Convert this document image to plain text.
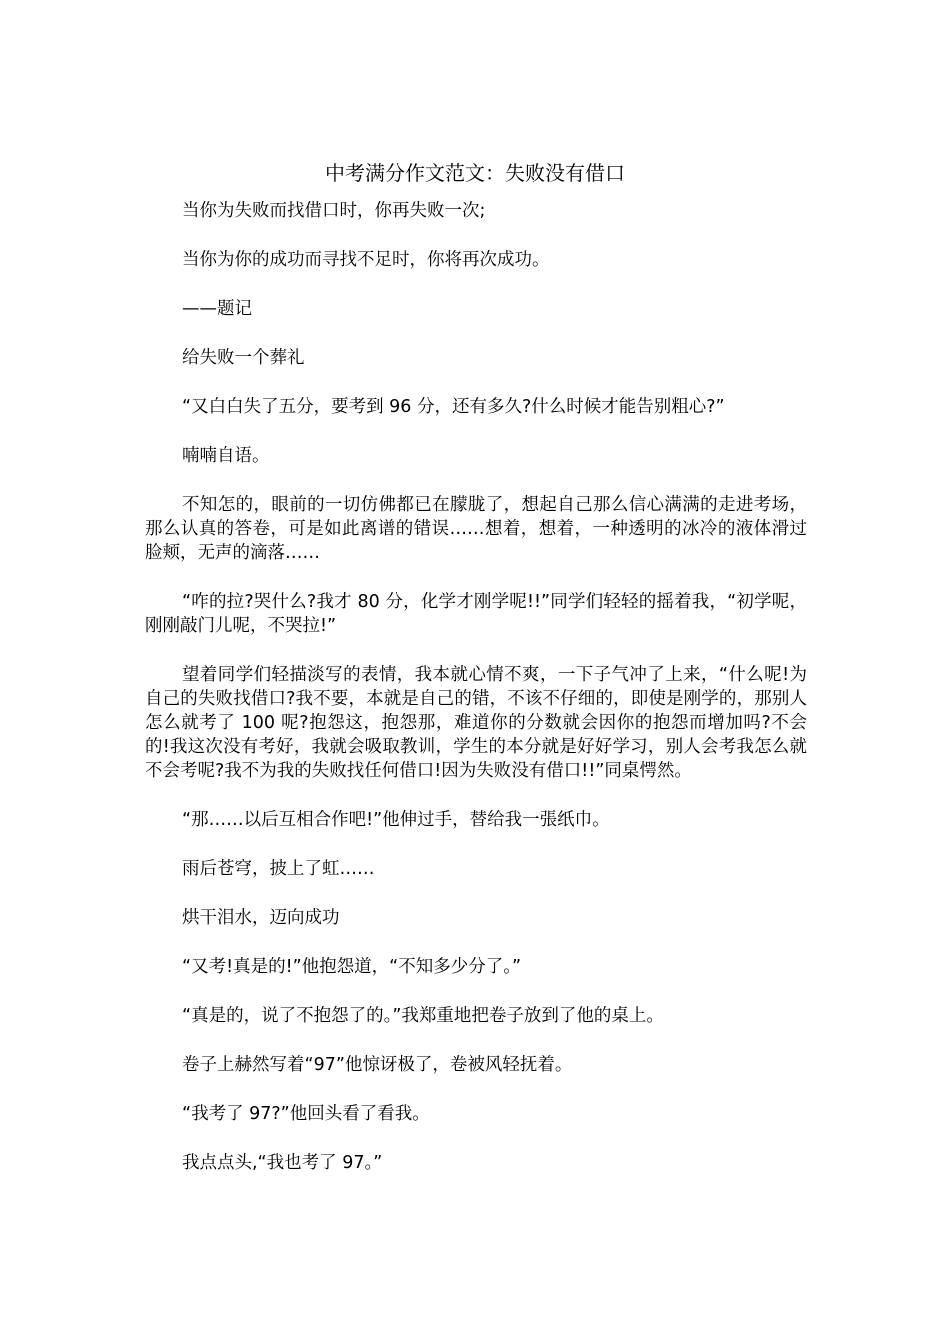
中考满分作文范文：失败没有借口

当你为失败而找借口时，你再失败一次;

当你为你的成功而寻找不足时，你将再次成功。

——题记

给失败一个葬礼

“又白白失了五分，要考到 96 分，还有多久?什么时候才能告别粗心?”

喃喃自语。

不知怎的，眼前的一切仿佛都已在朦胧了，想起自己那么信心满满的走进考场，那么认真的答卷，可是如此离谱的错误……想着，想着，一种透明的冰冷的液体滑过脸颊，无声的滴落……

“咋的拉?哭什么?我才 80 分，化学才刚学呢!!”同学们轻轻的摇着我，“初学呢，刚刚敲门儿呢，不哭拉!”

望着同学们轻描淡写的表情，我本就心情不爽，一下子气冲了上来，“什么呢!为自己的失败找借口?我不要，本就是自己的错，不该不仔细的，即使是刚学的，那别人怎么就考了 100 呢?抱怨这，抱怨那，难道你的分数就会因你的抱怨而增加吗?不会的!我这次没有考好，我就会吸取教训，学生的本分就是好好学习，别人会考我怎么就不会考呢?我不为我的失败找任何借口!因为失败没有借口!!”同桌愕然。

“那……以后互相合作吧!”他伸过手，替给我一張纸巾。

雨后苍穹，披上了虹……

烘干泪水，迈向成功

“又考!真是的!”他抱怨道，“不知多少分了。”

“真是的，说了不抱怨了的。”我郑重地把卷子放到了他的桌上。

卷子上赫然写着“97”他惊讶极了，卷被风轻抚着。

“我考了 97?”他回头看了看我。

我点点头,“我也考了 97。”
